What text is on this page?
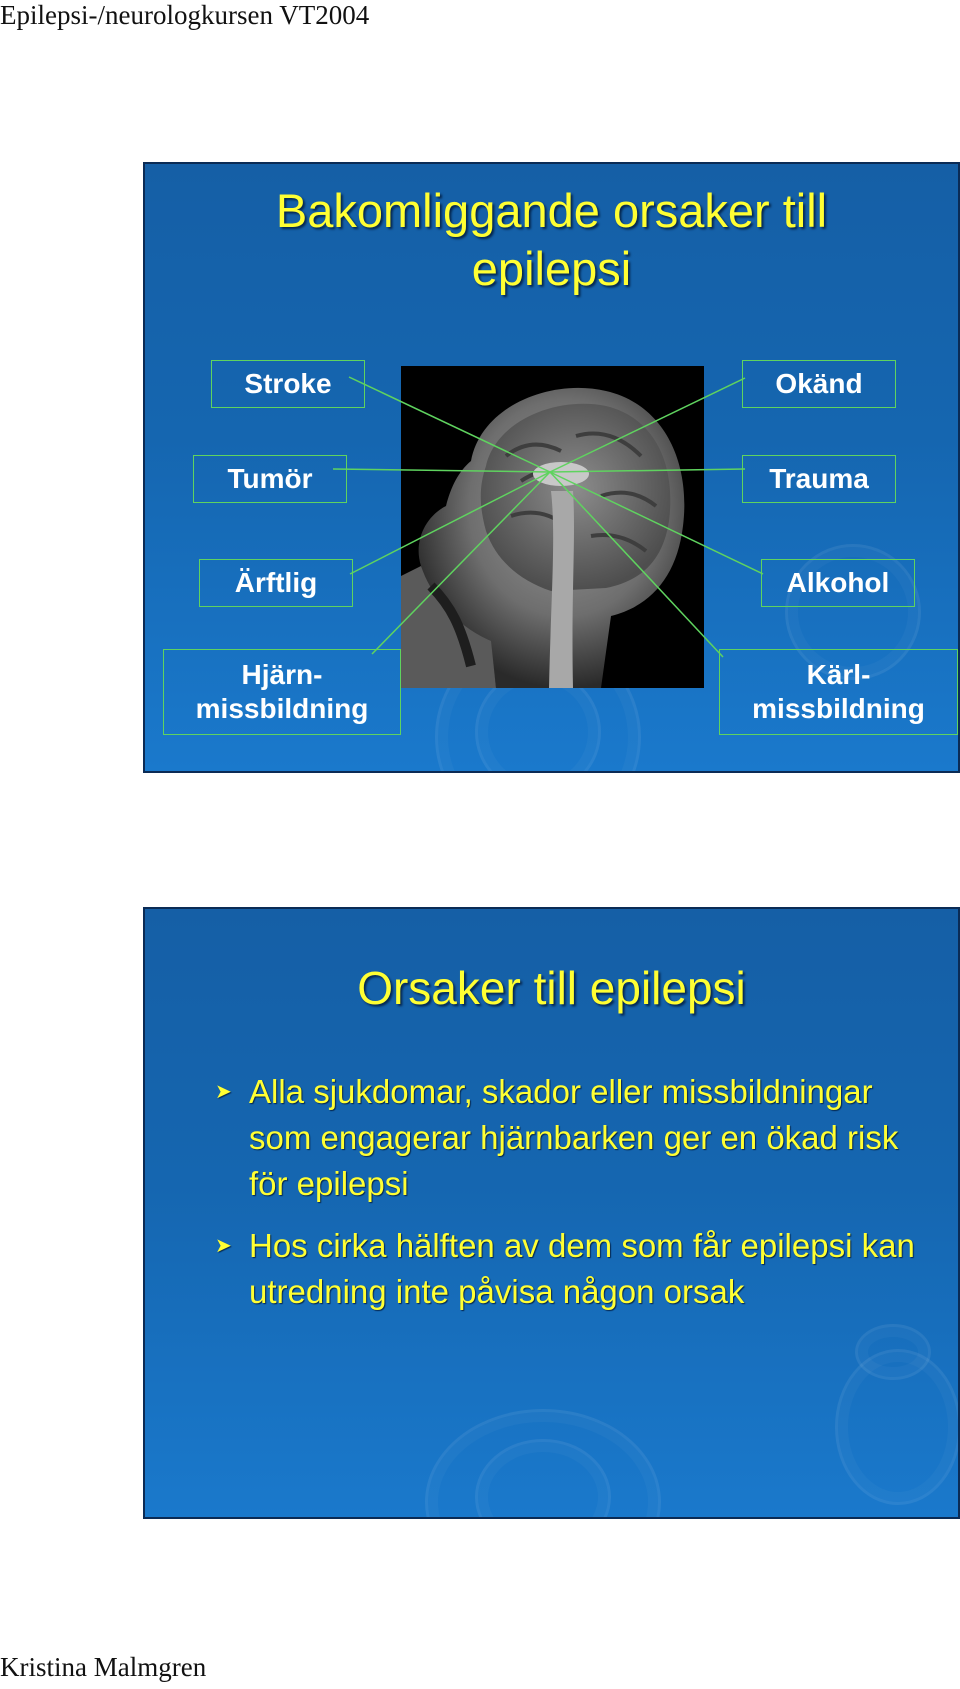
Epilepsi-/neurologkursen VT2004
Bakomliggande orsaker till
epilepsi
Stroke
Tumör
Ärftlig
Hjärn-
missbildning
Okänd
Trauma
Alkohol
Kärl-
missbildning
Orsaker till epilepsi
➤ Alla sjukdomar, skador eller missbildningar som engagerar hjärnbarken ger en ökad risk för epilepsi
➤ Hos cirka hälften av dem som får epilepsi kan utredning inte påvisa någon orsak
Kristina Malmgren
